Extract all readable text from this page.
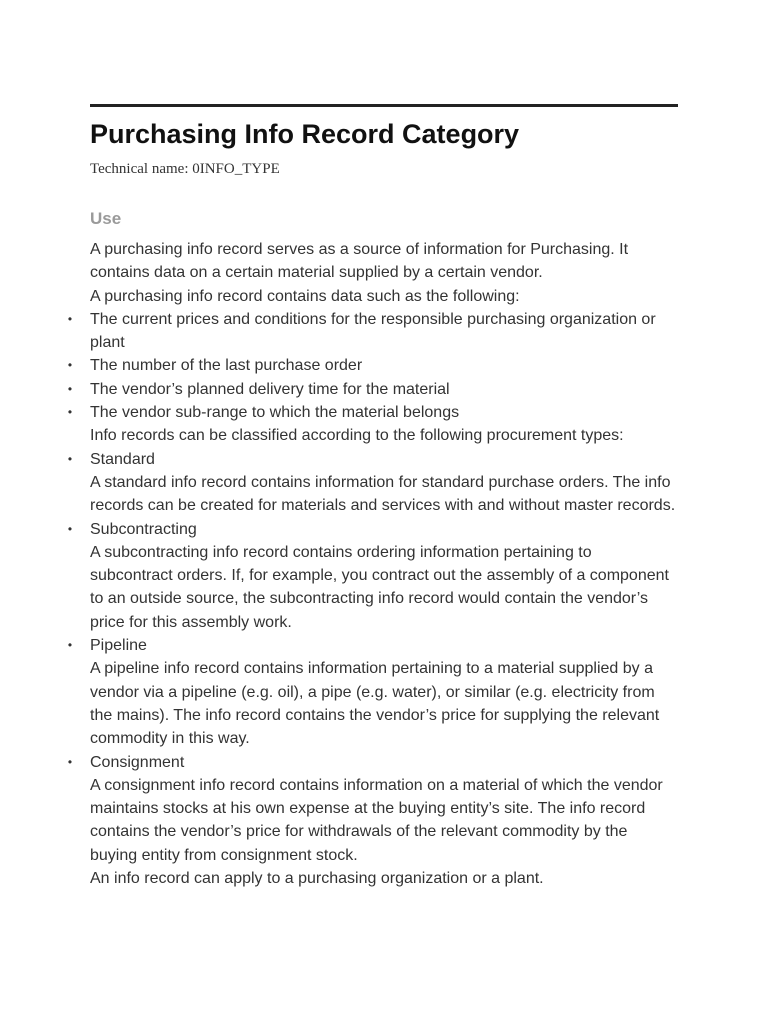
Purchasing Info Record Category

Technical name: 0INFO_TYPE

Use

A purchasing info record serves as a source of information for Purchasing. It contains data on a certain material supplied by a certain vendor.

A purchasing info record contains data such as the following:

• The current prices and conditions for the responsible purchasing organization or plant
• The number of the last purchase order
• The vendor’s planned delivery time for the material
• The vendor sub-range to which the material belongs

Info records can be classified according to the following procurement types:

• Standard

A standard info record contains information for standard purchase orders. The info records can be created for materials and services with and without master records.

• Subcontracting

A subcontracting info record contains ordering information pertaining to subcontract orders. If, for example, you contract out the assembly of a component to an outside source, the subcontracting info record would contain the vendor’s price for this assembly work.

• Pipeline

A pipeline info record contains information pertaining to a material supplied by a vendor via a pipeline (e.g. oil), a pipe (e.g. water), or similar (e.g. electricity from the mains). The info record contains the vendor’s price for supplying the relevant commodity in this way.

• Consignment

A consignment info record contains information on a material of which the vendor maintains stocks at his own expense at the buying entity’s site. The info record contains the vendor’s price for withdrawals of the relevant commodity by the buying entity from consignment stock.

An info record can apply to a purchasing organization or a plant.
